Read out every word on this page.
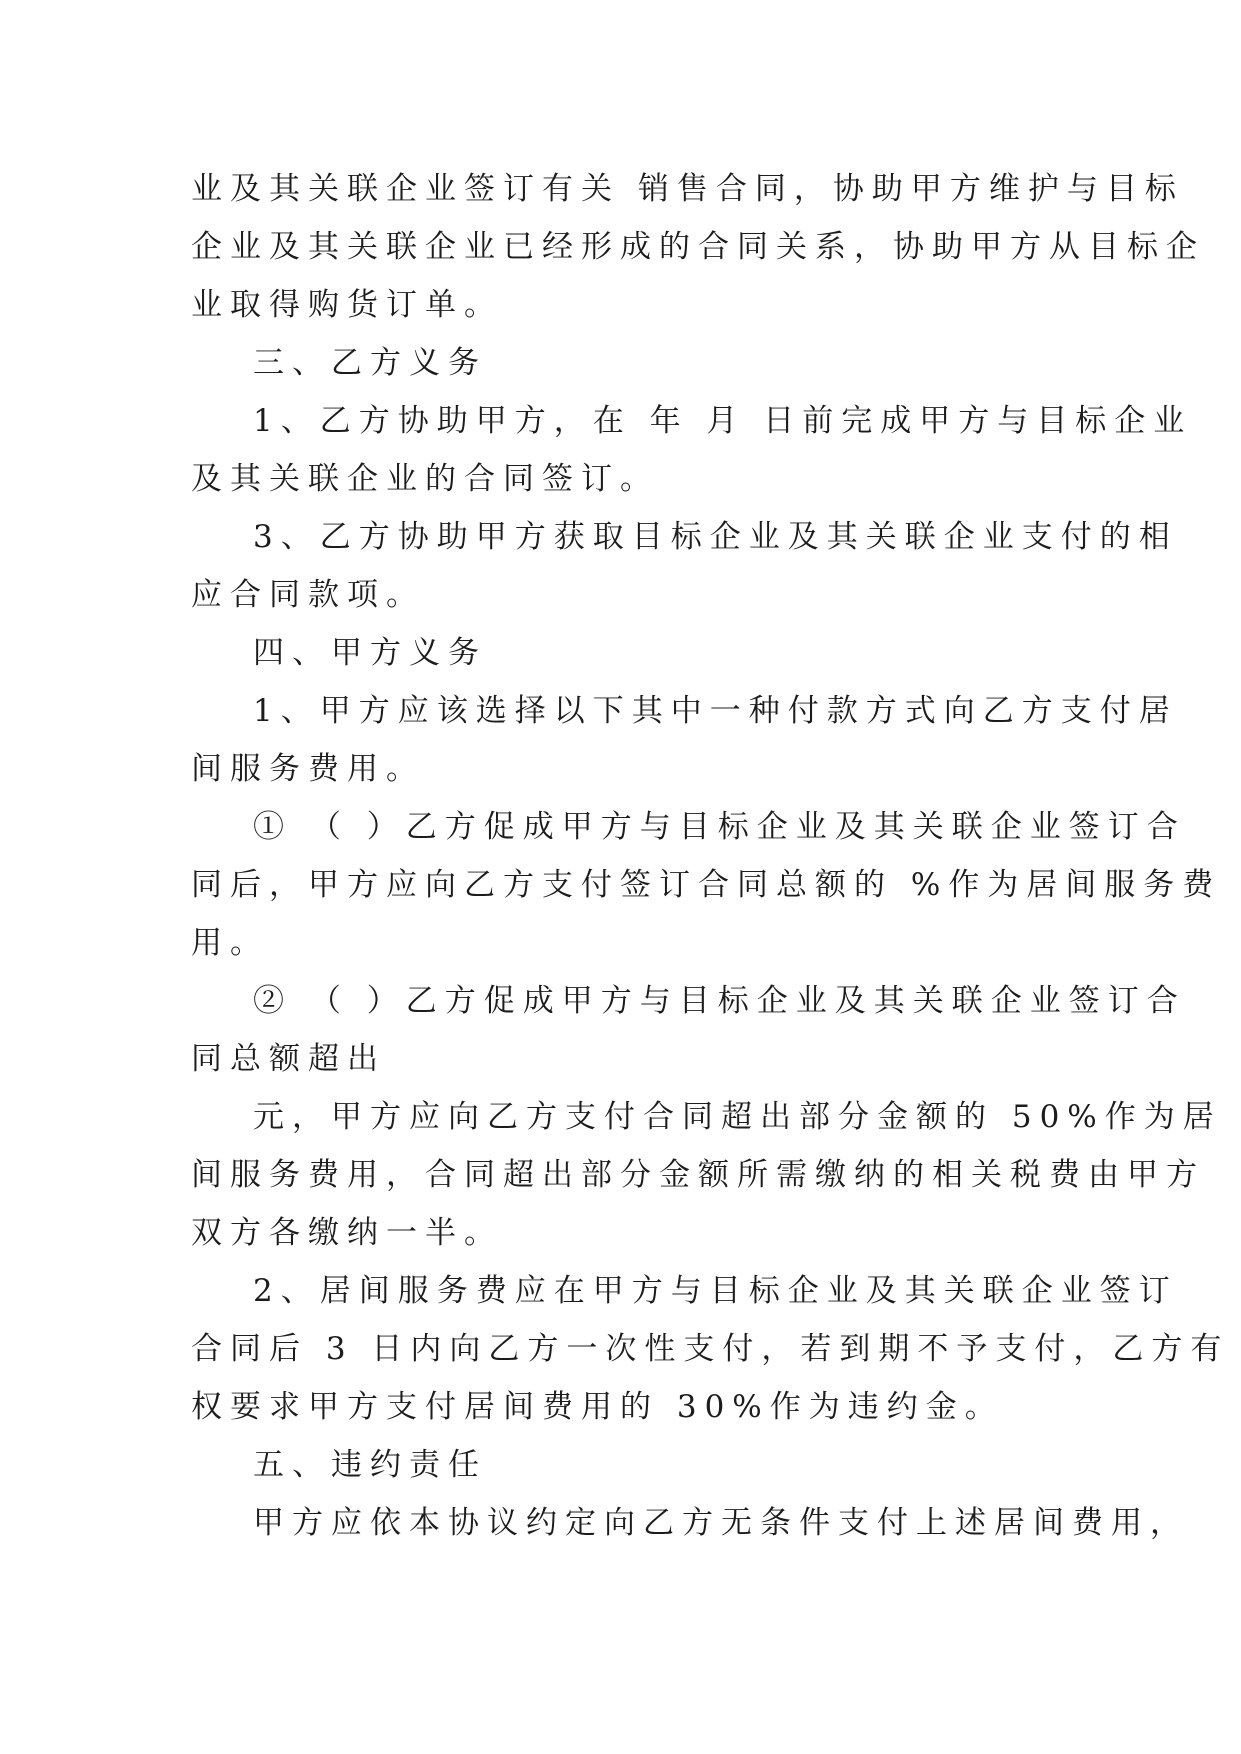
业及其关联企业签订有关 销售合同，协助甲方维护与目标
企业及其关联企业已经形成的合同关系，协助甲方从目标企
业取得购货订单。
三、乙方义务
1、乙方协助甲方，在 年 月 日前完成甲方与目标企业
及其关联企业的合同签订。
3、乙方协助甲方获取目标企业及其关联企业支付的相
应合同款项。
四、甲方义务
1、甲方应该选择以下其中一种付款方式向乙方支付居
间服务费用。
① （ ）乙方促成甲方与目标企业及其关联企业签订合
同后，甲方应向乙方支付签订合同总额的 %作为居间服务费
用。
② （ ）乙方促成甲方与目标企业及其关联企业签订合
同总额超出
元，甲方应向乙方支付合同超出部分金额的 50%作为居
间服务费用，合同超出部分金额所需缴纳的相关税费由甲方
双方各缴纳一半。
2、居间服务费应在甲方与目标企业及其关联企业签订
合同后 3 日内向乙方一次性支付，若到期不予支付，乙方有
权要求甲方支付居间费用的 30%作为违约金。
五、违约责任
甲方应依本协议约定向乙方无条件支付上述居间费用，
